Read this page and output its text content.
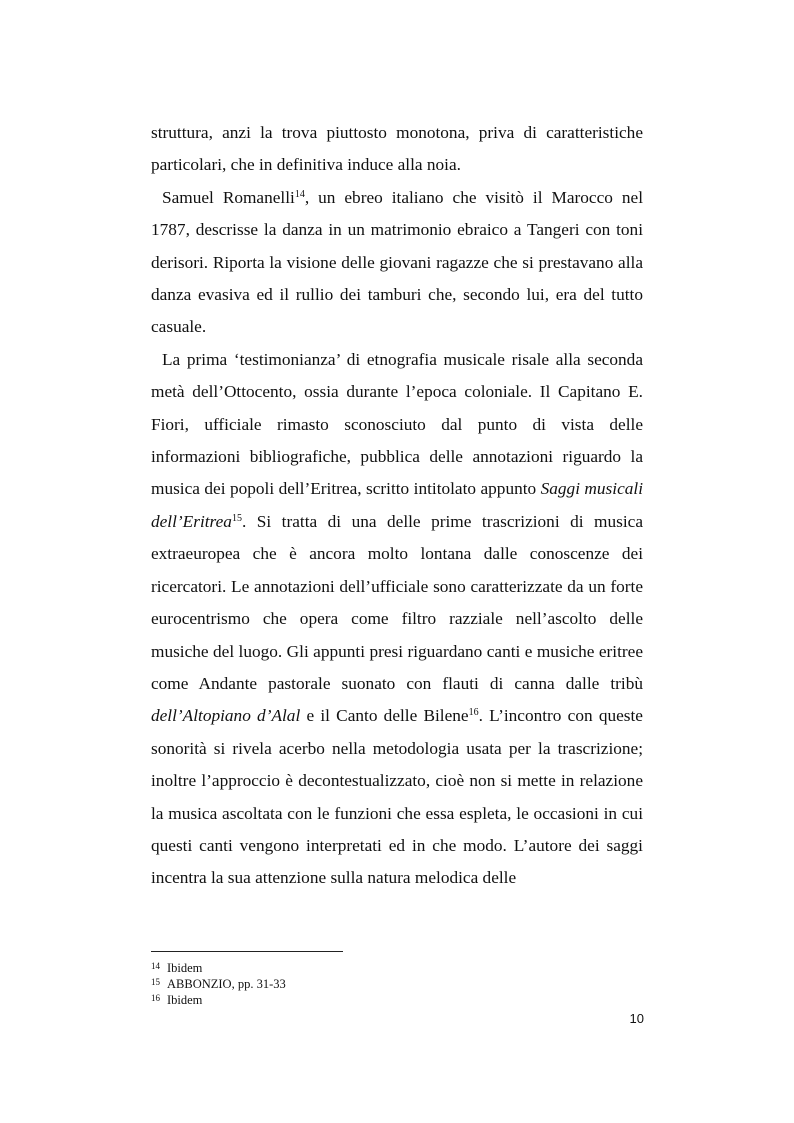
struttura, anzi la trova piuttosto monotona, priva di caratteristiche particolari, che in definitiva induce alla noia.

Samuel Romanelli$^{14}$, un ebreo italiano che visitò il Marocco nel 1787, descrisse la danza in un matrimonio ebraico a Tangeri con toni derisori. Riporta la visione delle giovani ragazze che si prestavano alla danza evasiva ed il rullio dei tamburi che, secondo lui, era del tutto casuale.

La prima ‘testimonianza’ di etnografia musicale risale alla seconda metà dell’Ottocento, ossia durante l’epoca coloniale. Il Capitano E. Fiori, ufficiale rimasto sconosciuto dal punto di vista delle informazioni bibliografiche, pubblica delle annotazioni riguardo la musica dei popoli dell’Eritrea, scritto intitolato appunto Saggi musicali dell’Eritrea$^{15}$. Si tratta di una delle prime trascrizioni di musica extraeuropea che è ancora molto lontana dalle conoscenze dei ricercatori. Le annotazioni dell’ufficiale sono caratterizzate da un forte eurocentrismo che opera come filtro razziale nell’ascolto delle musiche del luogo. Gli appunti presi riguardano canti e musiche eritree come Andante pastorale suonato con flauti di canna dalle tribù dell’Altopiano d’Alal e il Canto delle Bilene$^{16}$. L’incontro con queste sonorità si rivela acerbo nella metodologia usata per la trascrizione; inoltre l’approccio è decontestualizzato, cioè non si mette in relazione la musica ascoltata con le funzioni che essa espleta, le occasioni in cui questi canti vengono interpretati ed in che modo. L’autore dei saggi incentra la sua attenzione sulla natura melodica delle

14 Ibidem
15 ABBONZIO, pp. 31-33
16 Ibidem
10
